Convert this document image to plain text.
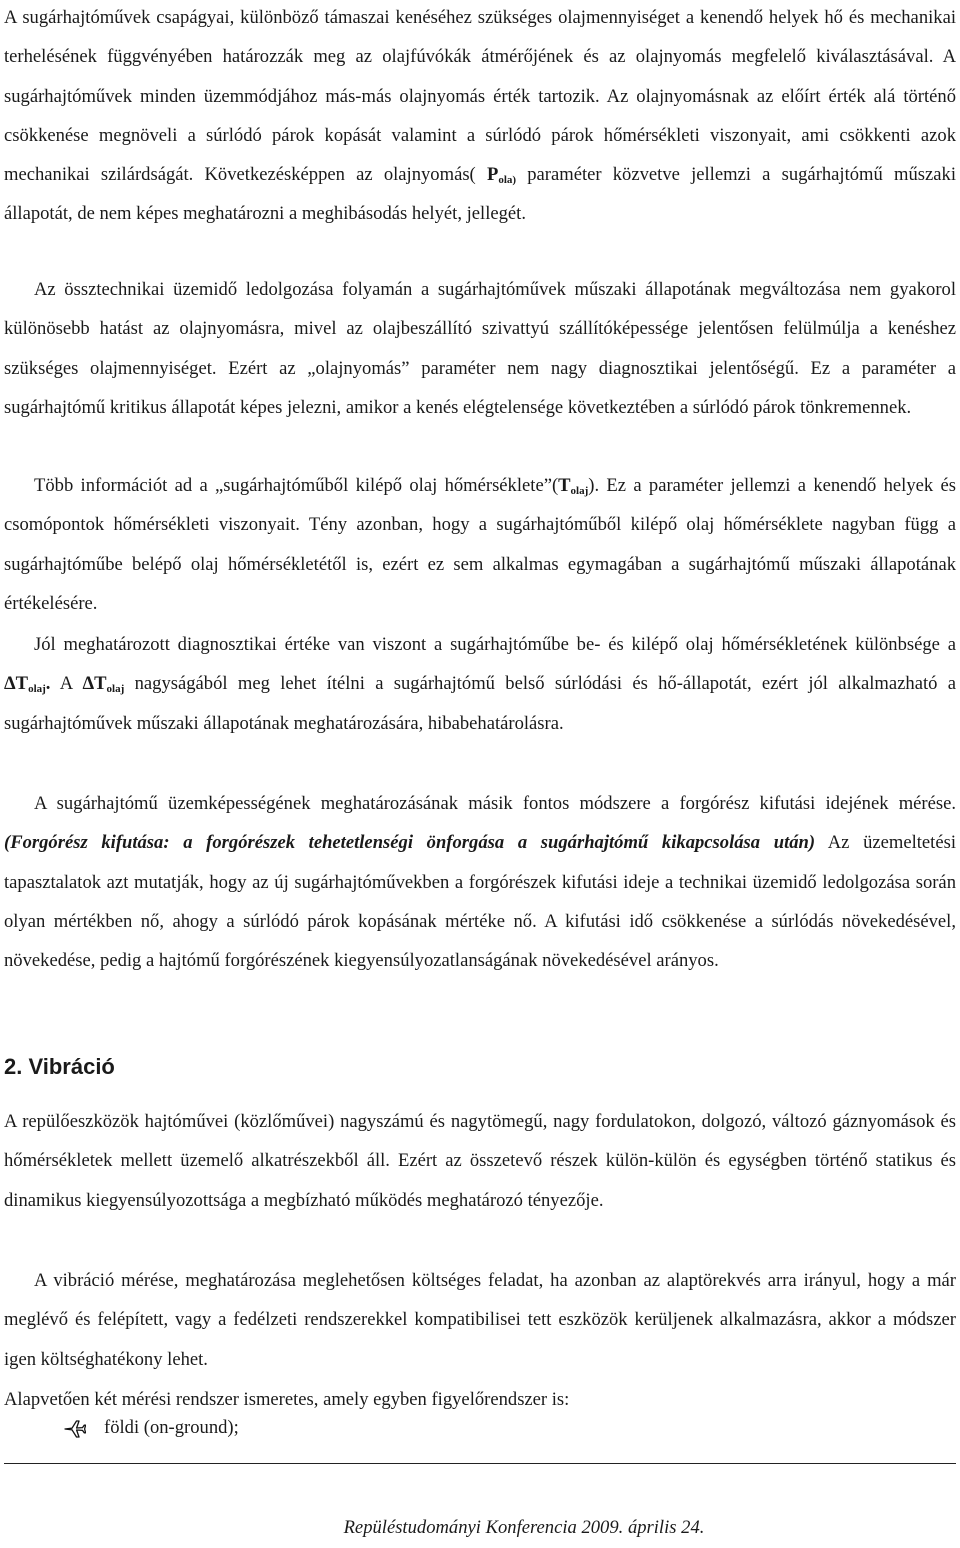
A sugárhajtóművek csapágyai, különböző támaszai kenéséhez szükséges olajmennyiséget a kenendő helyek hő és mechanikai terhelésének függvényében határozzák meg az olajfúvókák átmérőjének és az olajnyomás megfelelő kiválasztásával. A sugárhajtóművek minden üzemmódjához más-más olajnyomás érték tartozik. Az olajnyomásnak az előírt érték alá történő csökkenése megnöveli a súrlódó párok kopását valamint a súrlódó párok hőmérsékleti viszonyait, ami csökkenti azok mechanikai szilárdságát. Következésképpen az olajnyomás( $P_{ola)}$ paraméter közvetve jellemzi a sugárhajtómű műszaki állapotát, de nem képes meghatározni a meghibásodás helyét, jellegét.

Az össztechnikai üzemidő ledolgozása folyamán a sugárhajtóművek műszaki állapotának megváltozása nem gyakorol különösebb hatást az olajnyomásra, mivel az olajbeszállító szivattyú szállítóképessége jelentősen felülmúlja a kenéshez szükséges olajmennyiséget. Ezért az „olajnyomás” paraméter nem nagy diagnosztikai jelentőségű. Ez a paraméter a sugárhajtómű kritikus állapotát képes jelezni, amikor a kenés elégtelensége következtében a súrlódó párok tönkremennek.

Több információt ad a „sugárhajtóműből kilépő olaj $hőmérséklete”(T_{olaj})$. Ez a paraméter jellemzi a kenendő helyek és csomópontok hőmérsékleti viszonyait. Tény azonban, hogy a sugárhajtóműből kilépő olaj hőmérséklete nagyban függ a sugárhajtóműbe belépő olaj hőmérsékletétől is, ezért ez sem alkalmas egymagában a sugárhajtómű műszaki állapotának értékelésére.

Jól meghatározott diagnosztikai értéke van viszont a sugárhajtóműbe be- és kilépő olaj hőmérsékletének különbsége a $\Delta T_{olaj}$. A $\Delta T_{olaj}$ nagyságából meg lehet ítélni a sugárhajtómű belső súrlódási és hő-állapotát, ezért jól alkalmazható a sugárhajtóművek műszaki állapotának meghatározására, hibabehatárolásra.

A sugárhajtómű üzemképességének meghatározásának másik fontos módszere a forgórész kifutási idejének mérése. (Forgórész kifutása: a forgórészek tehetetlenségi önforgása a sugárhajtómű kikapcsolása után) Az üzemeltetési tapasztalatok azt mutatják, hogy az új sugárhajtóművekben a forgórészek kifutási ideje a technikai üzemidő ledolgozása során olyan mértékben nő, ahogy a súrlódó párok kopásának mértéke nő. A kifutási idő csökkenése a súrlódás növekedésével, növekedése, pedig a hajtómű forgórészének kiegyensúlyozatlanságának növekedésével arányos.

2. Vibráció

A repülőeszközök hajtóművei (közlőművei) nagyszámú és nagytömegű, nagy fordulatokon, dolgozó, változó gáznyomások és hőmérsékletek mellett üzemelő alkatrészekből áll. Ezért az összetevő részek külön-külön és egységben történő statikus és dinamikus kiegyensúlyozottsága a megbízható működés meghatározó tényezője.

A vibráció mérése, meghatározása meglehetősen költséges feladat, ha azonban az alaptörekvés arra irányul, hogy a már meglévő és felépített, vagy a fedélzeti rendszerekkel kompatibilisei tett eszközök kerüljenek alkalmazásra, akkor a módszer igen költséghatékony lehet.

Alapvetően két mérési rendszer ismeretes, amely egyben figyelőrendszer is:

földi (on-ground);

Repüléstudományi Konferencia 2009. április 24.
